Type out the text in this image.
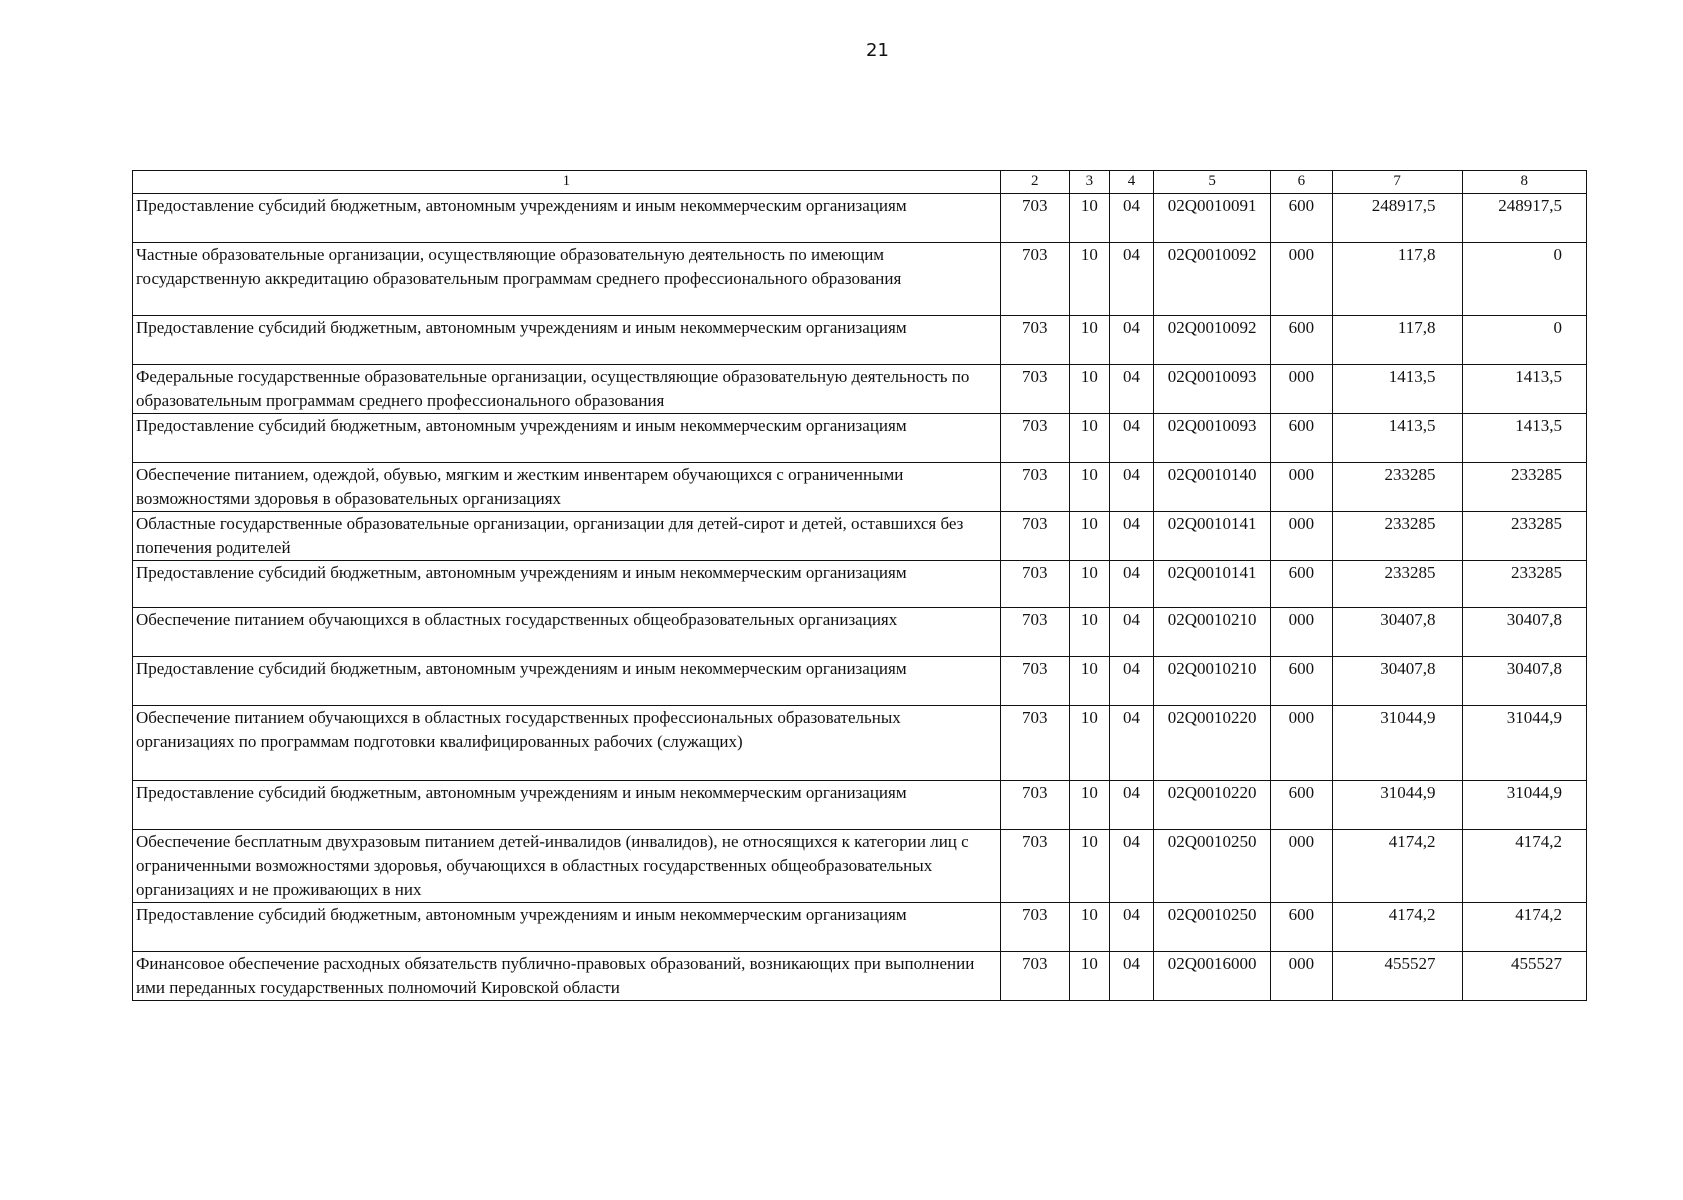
21
1	2	3	4	5	6	7	8
Предоставление субсидий бюджетным, автономным учреждениям и иным некоммерческим организациям	703	10	04	02Q0010091	600	248917,5	248917,5
Частные образовательные организации, осуществляющие образовательную деятельность по имеющим государственную аккредитацию образовательным программам среднего профессионального образования	703	10	04	02Q0010092	000	117,8	0
Предоставление субсидий бюджетным, автономным учреждениям и иным некоммерческим организациям	703	10	04	02Q0010092	600	117,8	0
Федеральные государственные образовательные организации, осуществляющие образовательную деятельность по образовательным программам среднего профессионального образования	703	10	04	02Q0010093	000	1413,5	1413,5
Предоставление субсидий бюджетным, автономным учреждениям и иным некоммерческим организациям	703	10	04	02Q0010093	600	1413,5	1413,5
Обеспечение питанием, одеждой, обувью, мягким и жестким инвентарем обучающихся с ограниченными возможностями здоровья в образовательных организациях	703	10	04	02Q0010140	000	233285	233285
Областные государственные образовательные организации, организации для детей-сирот и детей, оставшихся без попечения родителей	703	10	04	02Q0010141	000	233285	233285
Предоставление субсидий бюджетным, автономным учреждениям и иным некоммерческим организациям	703	10	04	02Q0010141	600	233285	233285
Обеспечение питанием обучающихся в областных государственных общеобразовательных организациях	703	10	04	02Q0010210	000	30407,8	30407,8
Предоставление субсидий бюджетным, автономным учреждениям и иным некоммерческим организациям	703	10	04	02Q0010210	600	30407,8	30407,8
Обеспечение питанием обучающихся в областных государственных профессиональных образовательных организациях по программам подготовки квалифицированных рабочих (служащих)	703	10	04	02Q0010220	000	31044,9	31044,9
Предоставление субсидий бюджетным, автономным учреждениям и иным некоммерческим организациям	703	10	04	02Q0010220	600	31044,9	31044,9
Обеспечение бесплатным двухразовым питанием детей-инвалидов (инвалидов), не относящихся к категории лиц с ограниченными возможностями здоровья, обучающихся в областных государственных общеобразовательных организациях и не проживающих в них	703	10	04	02Q0010250	000	4174,2	4174,2
Предоставление субсидий бюджетным, автономным учреждениям и иным некоммерческим организациям	703	10	04	02Q0010250	600	4174,2	4174,2
Финансовое обеспечение расходных обязательств публично-правовых образований, возникающих при выполнении ими переданных государственных полномочий Кировской области	703	10	04	02Q0016000	000	455527	455527
